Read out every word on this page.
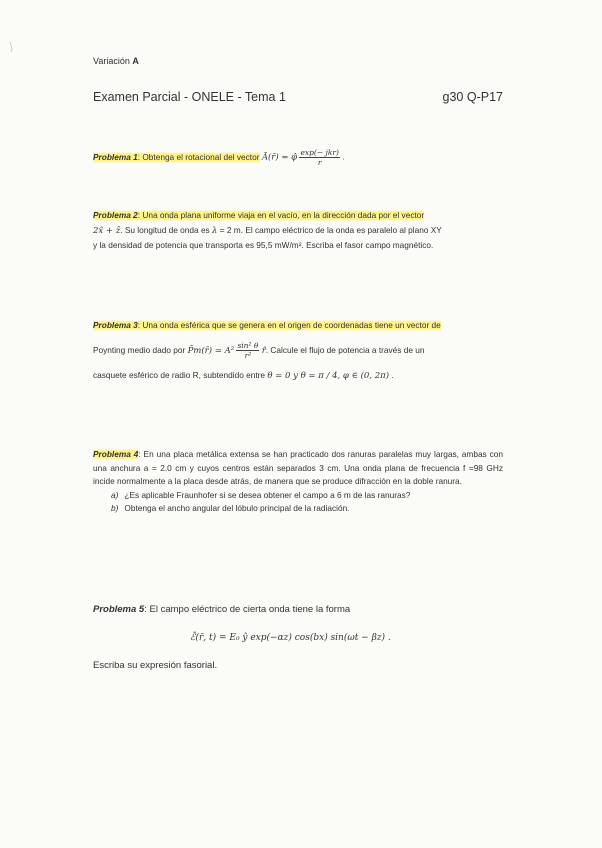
Variación A
Examen Parcial - ONELE - Tema 1	g30 Q-P17
Problema 1: Obtenga el rotacional del vector Ā(r̄) = φ̂ $\frac{\text{exp(− jkr)}}{r}$ .
Problema 2: Una onda plana uniforme viaja en el vacío, en la dirección dada por el vector
2x̂ + ẑ. Su longitud de onda es λ = 2 m. El campo eléctrico de la onda es paralelo al plano XY
y la densidad de potencia que transporta es 95,5 mW/m². Escriba el fasor campo magnético.
Problema 3: Una onda esférica que se genera en el origen de coordenadas tiene un vector de
Poynting medio dado por P̄m(r̄) = $A^2 \frac{\text{sin² θ}}{\text{r²}}$ r̂. Calcule el flujo de potencia a través de un
casquete esférico de radio R, subtendido entre θ = 0 y θ = π / 4, φ ∈ (0, 2π) .
Problema 4: En una placa metálica extensa se han practicado dos ranuras paralelas muy largas, ambas con una anchura a = 2.0 cm y cuyos centros están separados 3 cm. Una onda plana de frecuencia f =98 GHz incide normalmente a la placa desde atrás, de manera que se produce difracción en la doble ranura.
a) ¿Es aplicable Fraunhofer si se desea obtener el campo a 6 m de las ranuras?
b) Obtenga el ancho angular del lóbulo principal de la radiación.
Problema 5: El campo eléctrico de cierta onda tiene la forma
ℰ̄(r̄, t) = E₀ ŷ exp(−αz) cos(bx) sin(ωt − βz) .
Escriba su expresión fasorial.
